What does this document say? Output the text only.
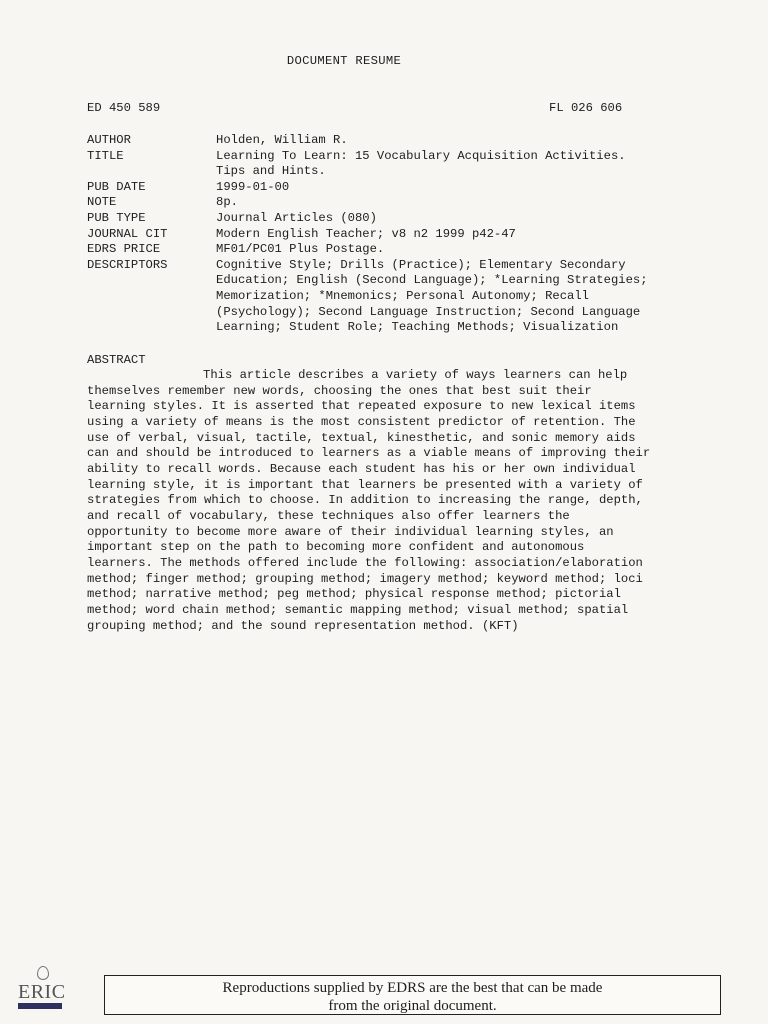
DOCUMENT RESUME
ED 450 589	FL 026 606
AUTHOR	Holden, William R.
TITLE	Learning To Learn: 15 Vocabulary Acquisition Activities.
Tips and Hints.
PUB DATE	1999-01-00
NOTE	8p.
PUB TYPE	Journal Articles (080)
JOURNAL CIT	Modern English Teacher; v8 n2 1999 p42-47
EDRS PRICE	MF01/PC01 Plus Postage.
DESCRIPTORS	Cognitive Style; Drills (Practice); Elementary Secondary
Education; English (Second Language); *Learning Strategies;
Memorization; *Mnemonics; Personal Autonomy; Recall
(Psychology); Second Language Instruction; Second Language
Learning; Student Role; Teaching Methods; Visualization
ABSTRACT
This article describes a variety of ways learners can help
themselves remember new words, choosing the ones that best suit their
learning styles. It is asserted that repeated exposure to new lexical items
using a variety of means is the most consistent predictor of retention. The
use of verbal, visual, tactile, textual, kinesthetic, and sonic memory aids
can and should be introduced to learners as a viable means of improving their
ability to recall words. Because each student has his or her own individual
learning style, it is important that learners be presented with a variety of
strategies from which to choose. In addition to increasing the range, depth,
and recall of vocabulary, these techniques also offer learners the
opportunity to become more aware of their individual learning styles, an
important step on the path to becoming more confident and autonomous
learners. The methods offered include the following: association/elaboration
method; finger method; grouping method; imagery method; keyword method; loci
method; narrative method; peg method; physical response method; pictorial
method; word chain method; semantic mapping method; visual method; spatial
grouping method; and the sound representation method. (KFT)
ERIC	Reproductions supplied by EDRS are the best that can be made
from the original document.
